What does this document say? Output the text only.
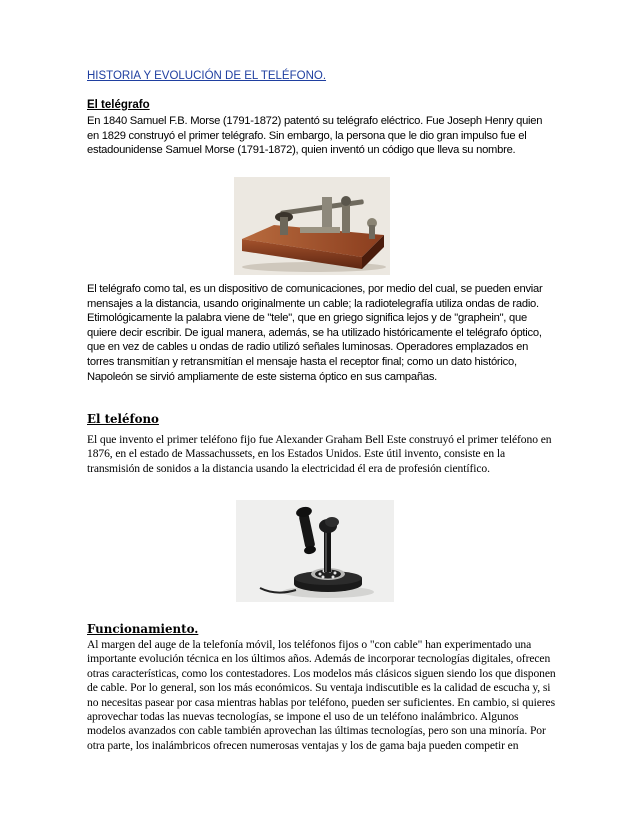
HISTORIA Y EVOLUCIÓN DE EL TELÉFONO.

El telégrafo

En 1840 Samuel F.B. Morse (1791-1872) patentó su telégrafo eléctrico. Fue Joseph Henry quien en 1829 construyó el primer telégrafo. Sin embargo, la persona que le dio gran impulso fue el estadounidense Samuel Morse (1791-1872), quien inventó un código que lleva su nombre.

El telégrafo como tal, es un dispositivo de comunicaciones, por medio del cual, se pueden enviar mensajes a la distancia, usando originalmente un cable; la radiotelegrafía utiliza ondas de radio. Etimológicamente la palabra viene de "tele", que en griego significa lejos y de "graphein", que quiere decir escribir. De igual manera, además, se ha utilizado históricamente el telégrafo óptico, que en vez de cables u ondas de radio utilizó señales luminosas. Operadores emplazados en torres transmitían y retransmitían el mensaje hasta el receptor final; como un dato histórico, Napoleón se sirvió ampliamente de este sistema óptico en sus campañas.

El teléfono

El que invento el primer teléfono fijo fue Alexander Graham Bell Este construyó el primer teléfono en 1876, en el estado de Massachussets, en los Estados Unidos. Este útil invento, consiste en la transmisión de sonidos a la distancia usando la electricidad él era de profesión científico.

Funcionamiento.

Al margen del auge de la telefonía móvil, los teléfonos fijos o "con cable" han experimentado una importante evolución técnica en los últimos años. Además de incorporar tecnologías digitales, ofrecen otras características, como los contestadores. Los modelos más clásicos siguen siendo los que disponen de cable. Por lo general, son los más económicos. Su ventaja indiscutible es la calidad de escucha y, si no necesitas pasear por casa mientras hablas por teléfono, pueden ser suficientes. En cambio, si quieres aprovechar todas las nuevas tecnologías, se impone el uso de un teléfono inalámbrico. Algunos modelos avanzados con cable también aprovechan las últimas tecnologías, pero son una minoría. Por otra parte, los inalámbricos ofrecen numerosas ventajas y los de gama baja pueden competir en
